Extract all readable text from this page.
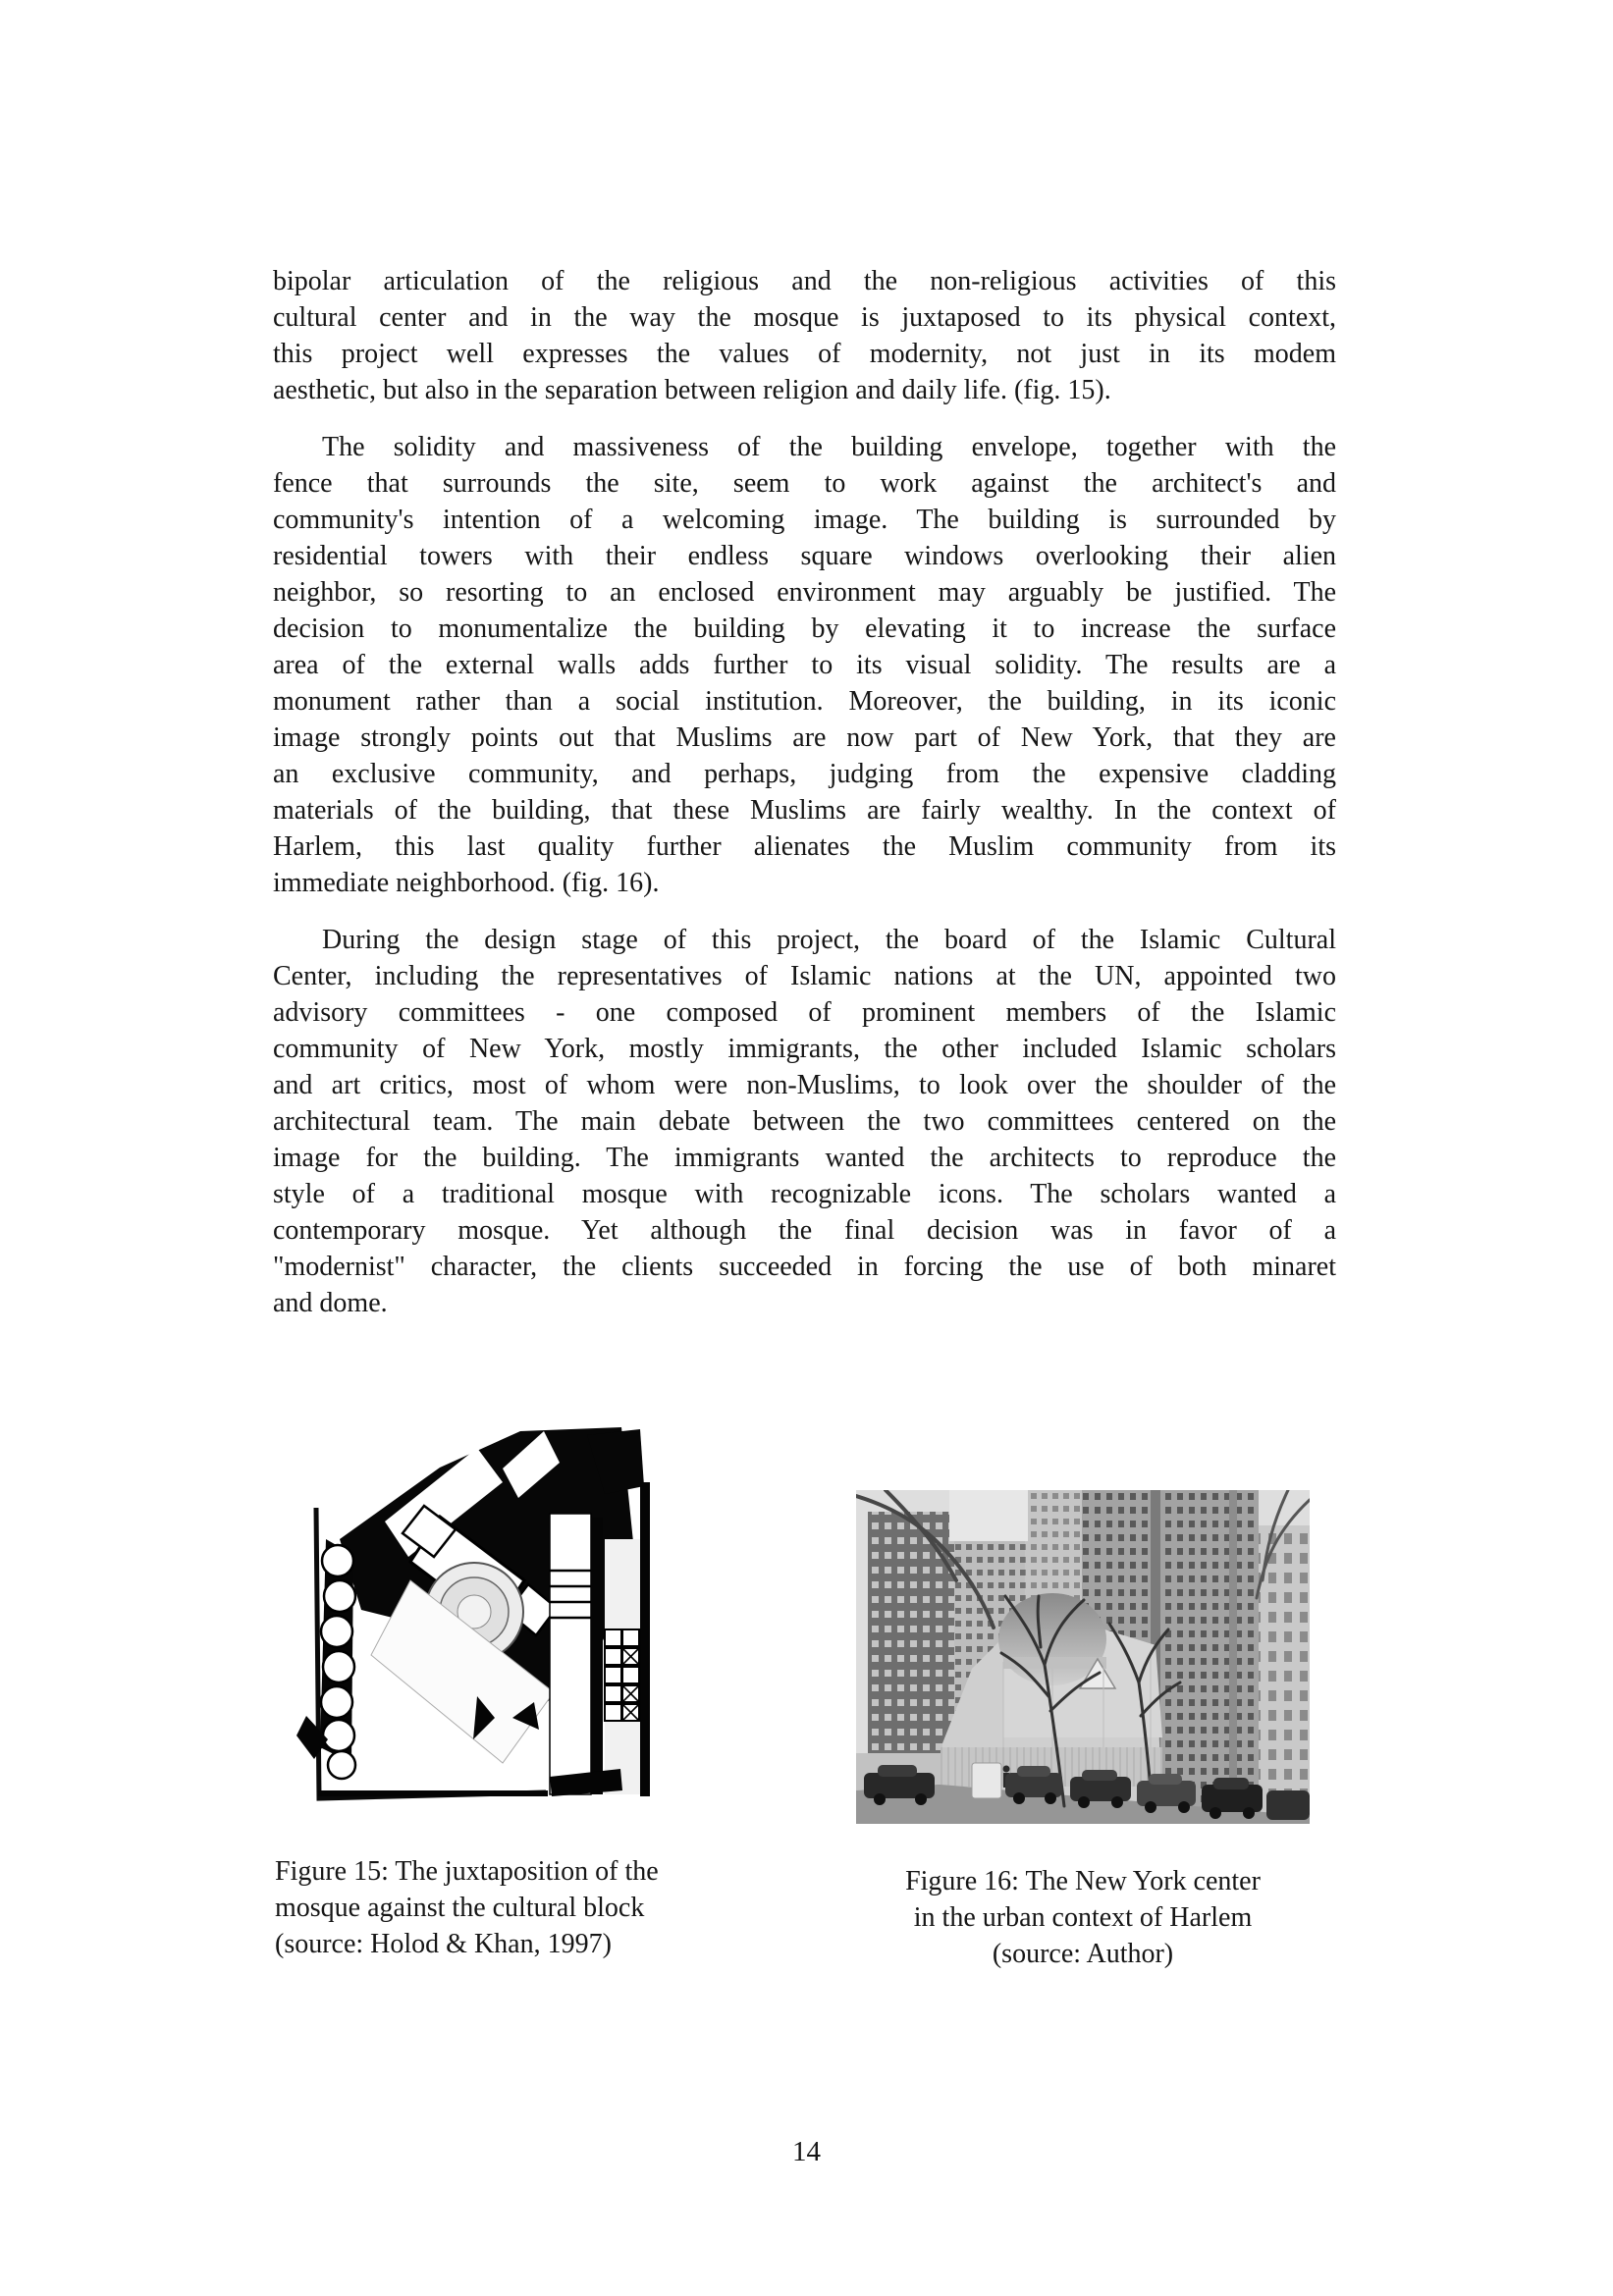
bipolar articulation of the religious and the non-religious activities of this
cultural center and in the way the mosque is juxtaposed to its physical context,
this project well expresses the values of modernity, not just in its modem
aesthetic, but also in the separation between religion and daily life. (fig. 15).
The solidity and massiveness of the building envelope, together with the
fence that surrounds the site, seem to work against the architect's and
community's intention of a welcoming image. The building is surrounded by
residential towers with their endless square windows overlooking their alien
neighbor, so resorting to an enclosed environment may arguably be justified. The
decision to monumentalize the building by elevating it to increase the surface
area of the external walls adds further to its visual solidity. The results are a
monument rather than a social institution. Moreover, the building, in its iconic
image strongly points out that Muslims are now part of New York, that they are
an exclusive community, and perhaps, judging from the expensive cladding
materials of the building, that these Muslims are fairly wealthy. In the context of
Harlem, this last quality further alienates the Muslim community from its
immediate neighborhood. (fig. 16).
During the design stage of this project, the board of the Islamic Cultural
Center, including the representatives of Islamic nations at the UN, appointed two
advisory committees - one composed of prominent members of the Islamic
community of New York, mostly immigrants, the other included Islamic scholars
and art critics, most of whom were non-Muslims, to look over the shoulder of the
architectural team. The main debate between the two committees centered on the
image for the building. The immigrants wanted the architects to reproduce the
style of a traditional mosque with recognizable icons. The scholars wanted a
contemporary mosque. Yet although the final decision was in favor of a
"modernist" character, the clients succeeded in forcing the use of both minaret
and dome.
Figure 15: The juxtaposition of the
mosque against the cultural block
(source: Holod & Khan, 1997)
Figure 16: The New York center
in the urban context of Harlem
(source: Author)
14
